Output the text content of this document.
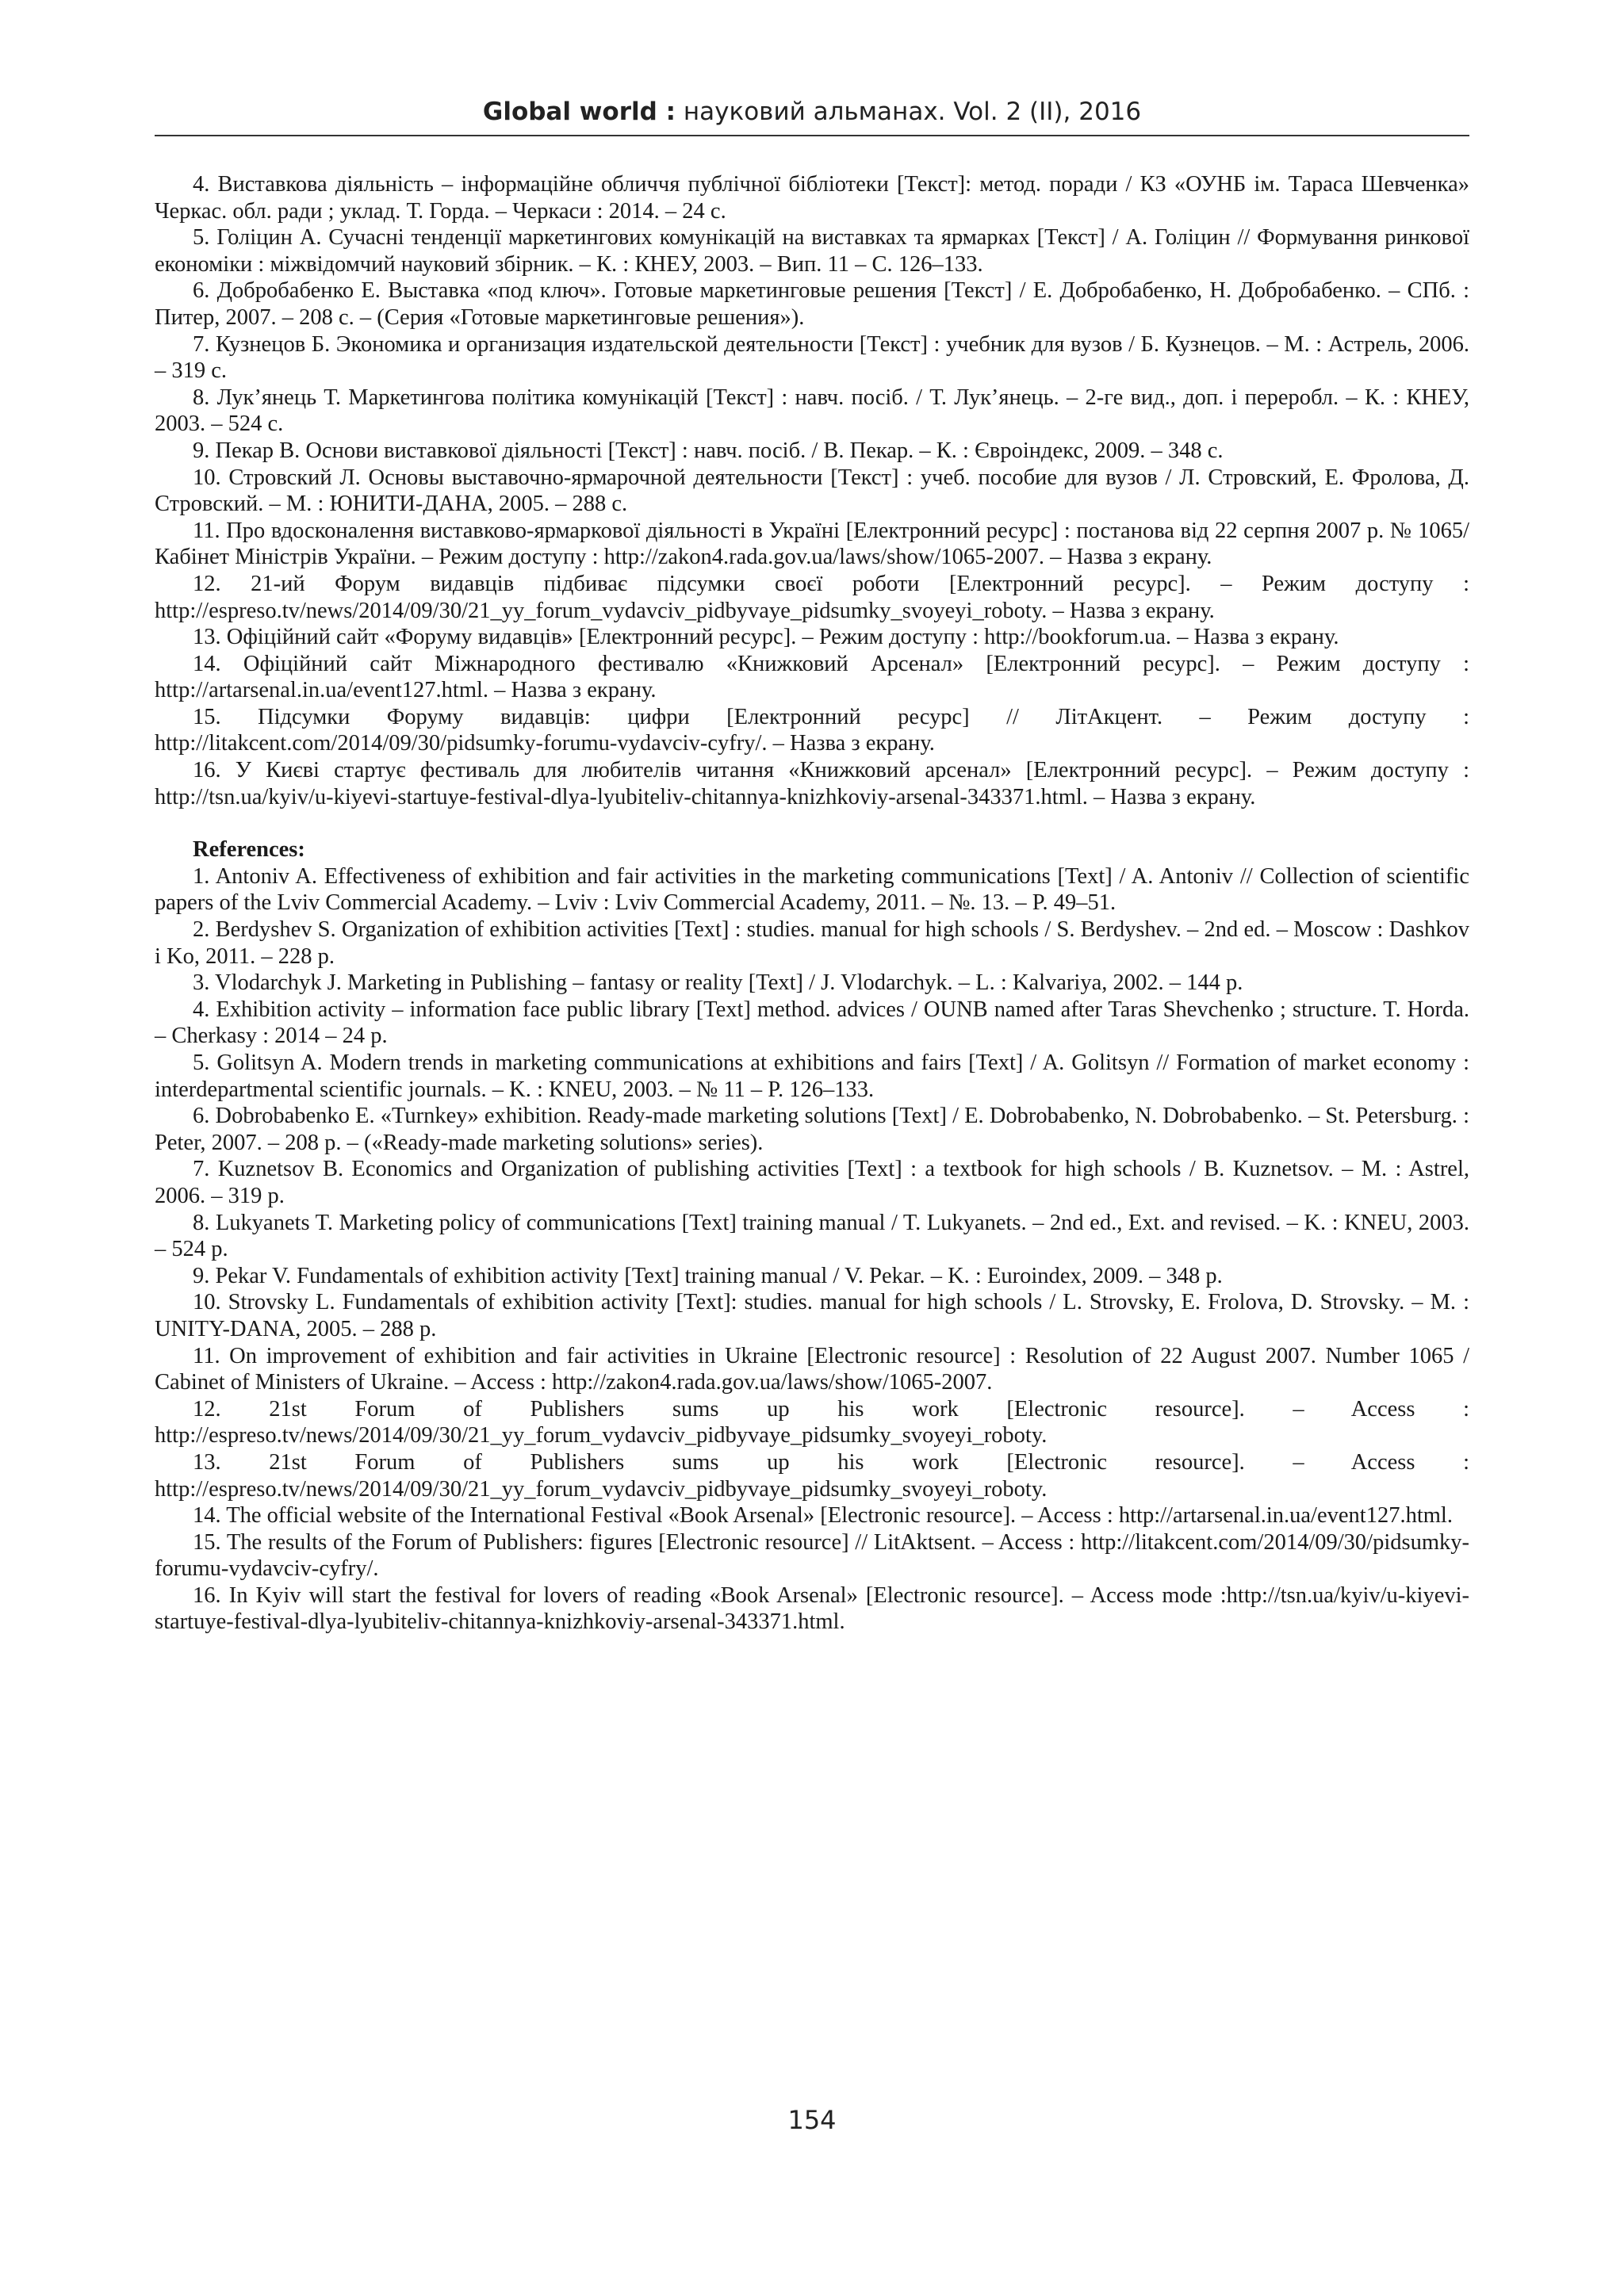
Global world : науковий альманах. Vol. 2 (II), 2016

4. Виставкова діяльність – інформаційне обличчя публічної бібліотеки [Текст]: метод. поради / КЗ «ОУНБ ім. Тараса Шевченка» Черкас. обл. ради ; уклад. Т. Горда. – Черкаси : 2014. – 24 с.

5. Голіцин А. Сучасні тенденції маркетингових комунікацій на виставках та ярмарках [Текст] / А. Голіцин // Формування ринкової економіки : міжвідомчий науковий збірник. – К. : КНЕУ, 2003. – Вип. 11 – С. 126–133.

6. Добробабенко Е. Выставка «под ключ». Готовые маркетинговые решения [Текст] / Е. Добробабенко, Н. Добробабенко. – СПб. : Питер, 2007. – 208 с. – (Серия «Готовые маркетинговые решения»).

7. Кузнецов Б. Экономика и организация издательской деятельности [Текст] : учебник для вузов / Б. Кузнецов. – М. : Астрель, 2006. – 319 с.

8. Лук’янець Т. Маркетингова політика комунікацій [Текст] : навч. посіб. / Т. Лук’янець. – 2-ге вид., доп. і переробл. – К. : КНЕУ, 2003. – 524 с.

9. Пекар В. Основи виставкової діяльності [Текст] : навч. посіб. / В. Пекар. – К. : Євроіндекс, 2009. – 348 с.

10. Стровский Л. Основы выставочно-ярмарочной деятельности [Текст] : учеб. пособие для вузов / Л. Стровский, Е. Фролова, Д. Стровский. – М. : ЮНИТИ-ДАНА, 2005. – 288 с.

11. Про вдосконалення виставково-ярмаркової діяльності в Україні [Електронний ресурс] : постанова від 22 серпня 2007 р. № 1065/ Кабінет Міністрів України. – Режим доступу : http://zakon4.rada.gov.ua/laws/show/1065-2007. – Назва з екрану.

12. 21-ий Форум видавців підбиває підсумки своєї роботи [Електронний ресурс]. – Режим доступу : http://espreso.tv/news/2014/09/30/21_yy_forum_vydavciv_pidbyvaye_pidsumky_svoyeyi_roboty. – Назва з екрану.

13. Офіційний сайт «Форуму видавців» [Електронний ресурс]. – Режим доступу : http://bookforum.ua. – Назва з екрану.

14. Офіційний сайт Міжнародного фестивалю «Книжковий Арсенал» [Електронний ресурс]. – Режим доступу : http://artarsenal.in.ua/event127.html. – Назва з екрану.

15. Підсумки Форуму видавців: цифри [Електронний ресурс] // ЛітАкцент. – Режим доступу : http://litakcent.com/2014/09/30/pidsumky-forumu-vydavciv-cyfry/. – Назва з екрану.

16. У Києві стартує фестиваль для любителів читання «Книжковий арсенал» [Електронний ресурс]. – Режим доступу : http://tsn.ua/kyiv/u-kiyevi-startuye-festival-dlya-lyubiteliv-chitannya-knizhkoviy-arsenal-343371.html. – Назва з екрану.

References:

1. Antoniv A. Effectiveness of exhibition and fair activities in the marketing communications [Text] / A. Antoniv // Collection of scientific papers of the Lviv Commercial Academy. – Lviv : Lviv Commercial Academy, 2011. – №. 13. – P. 49–51.

2. Berdyshev S. Organization of exhibition activities [Text] : studies. manual for high schools / S. Berdyshev. – 2nd ed. – Moscow : Dashkov i Ko, 2011. – 228 p.

3. Vlodarchyk J. Marketing in Publishing – fantasy or reality [Text] / J. Vlodarchyk. – L. : Kalvariya, 2002. – 144 p.

4. Exhibition activity – information face public library [Text] method. advices / OUNB named after Taras Shevchenko ; structure. T. Horda. – Cherkasy : 2014 – 24 p.

5. Golitsyn A. Modern trends in marketing communications at exhibitions and fairs [Text] / A. Golitsyn // Formation of market economy : interdepartmental scientific journals. – K. : KNEU, 2003. – № 11 – P. 126–133.

6. Dobrobabenko E. «Turnkey» exhibition. Ready-made marketing solutions [Text] / E. Dobrobabenko, N. Dobrobabenko. – St. Petersburg. : Peter, 2007. – 208 p. – («Ready-made marketing solutions» series).

7. Kuznetsov B. Economics and Organization of publishing activities [Text] : a textbook for high schools / B. Kuznetsov. – M. : Astrel, 2006. – 319 p.

8. Lukyanets T. Marketing policy of communications [Text] training manual / T. Lukyanets. – 2nd ed., Ext. and revised. – K. : KNEU, 2003. – 524 p.

9. Pekar V. Fundamentals of exhibition activity [Text] training manual / V. Pekar. – K. : Euroindex, 2009. – 348 p.

10. Strovsky L. Fundamentals of exhibition activity [Text]: studies. manual for high schools / L. Strovsky, E. Frolova, D. Strovsky. – M. : UNITY-DANA, 2005. – 288 p.

11. On improvement of exhibition and fair activities in Ukraine [Electronic resource] : Resolution of 22 August 2007. Number 1065 / Cabinet of Ministers of Ukraine. – Access : http://zakon4.rada.gov.ua/laws/show/1065-2007.

12. 21st Forum of Publishers sums up his work [Electronic resource]. – Access : http://espreso.tv/news/2014/09/30/21_yy_forum_vydavciv_pidbyvaye_pidsumky_svoyeyi_roboty.

13. 21st Forum of Publishers sums up his work [Electronic resource]. – Access : http://espreso.tv/news/2014/09/30/21_yy_forum_vydavciv_pidbyvaye_pidsumky_svoyeyi_roboty.

14. The official website of the International Festival «Book Arsenal» [Electronic resource]. – Access : http://artarsenal.in.ua/event127.html.

15. The results of the Forum of Publishers: figures [Electronic resource] // LitAktsent. – Access : http://litakcent.com/2014/09/30/pidsumky-forumu-vydavciv-cyfry/.

16. In Kyiv will start the festival for lovers of reading «Book Arsenal» [Electronic resource]. – Access mode :http://tsn.ua/kyiv/u-kiyevi-startuye-festival-dlya-lyubiteliv-chitannya-knizhkoviy-arsenal-343371.html.

154
